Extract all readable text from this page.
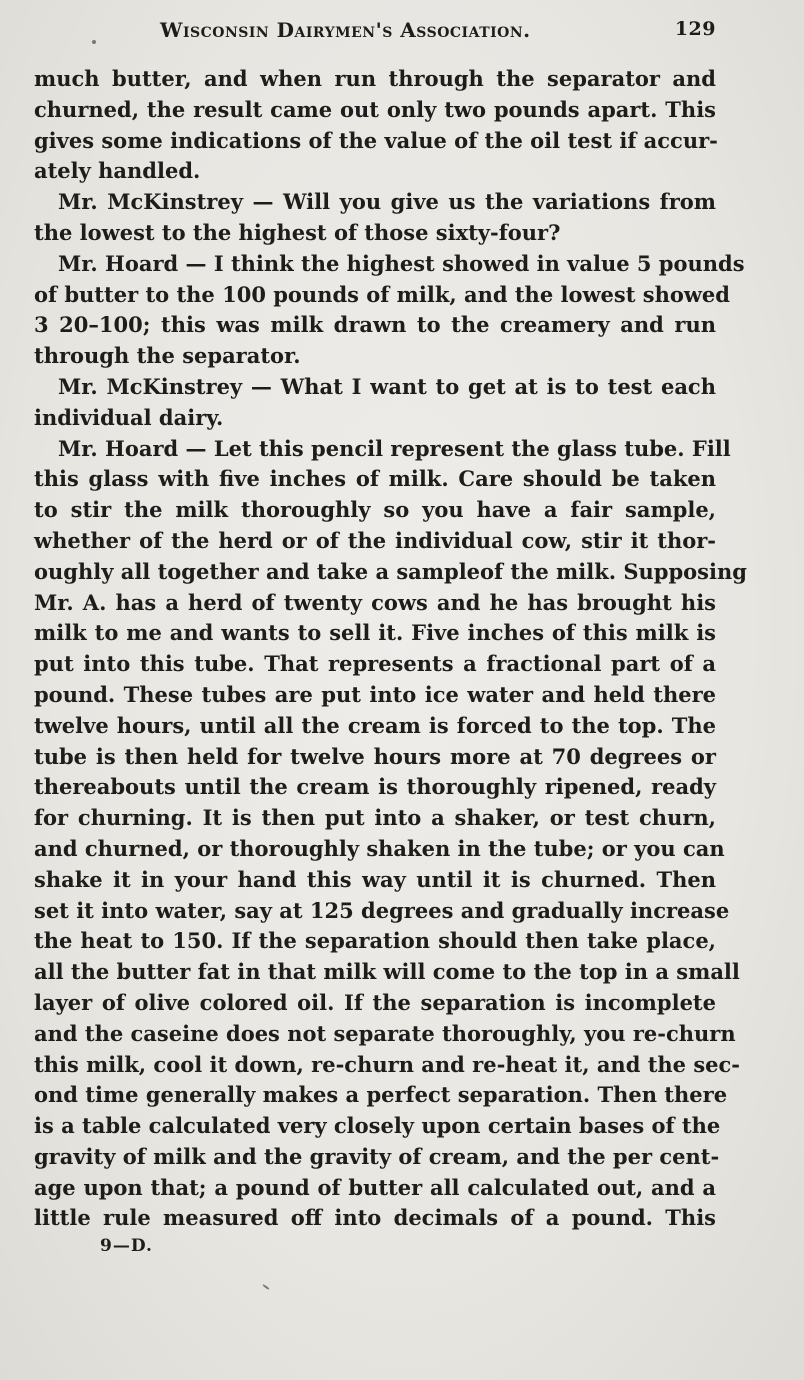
Wisconsin Dairymen's Association.	129
much butter, and when run through the separator and
churned, the result came out only two pounds apart. This
gives some indications of the value of the oil test if accur-
ately handled.
Mr. McKinstrey — Will you give us the variations from
the lowest to the highest of those sixty-four?
Mr. Hoard — I think the highest showed in value 5 pounds
of butter to the 100 pounds of milk, and the lowest showed
3 20–100; this was milk drawn to the creamery and run
through the separator.
Mr. McKinstrey — What I want to get at is to test each
individual dairy.
Mr. Hoard — Let this pencil represent the glass tube. Fill
this glass with five inches of milk. Care should be taken
to stir the milk thoroughly so you have a fair sample,
whether of the herd or of the individual cow, stir it thor-
oughly all together and take a sampleof the milk. Supposing
Mr. A. has a herd of twenty cows and he has brought his
milk to me and wants to sell it. Five inches of this milk is
put into this tube. That represents a fractional part of a
pound. These tubes are put into ice water and held there
twelve hours, until all the cream is forced to the top. The
tube is then held for twelve hours more at 70 degrees or
thereabouts until the cream is thoroughly ripened, ready
for churning. It is then put into a shaker, or test churn,
and churned, or thoroughly shaken in the tube; or you can
shake it in your hand this way until it is churned. Then
set it into water, say at 125 degrees and gradually increase
the heat to 150. If the separation should then take place,
all the butter fat in that milk will come to the top in a small
layer of olive colored oil. If the separation is incomplete
and the caseine does not separate thoroughly, you re-churn
this milk, cool it down, re-churn and re-heat it, and the sec-
ond time generally makes a perfect separation. Then there
is a table calculated very closely upon certain bases of the
gravity of milk and the gravity of cream, and the per cent-
age upon that; a pound of butter all calculated out, and a
little rule measured off into decimals of a pound. This
9—D.
